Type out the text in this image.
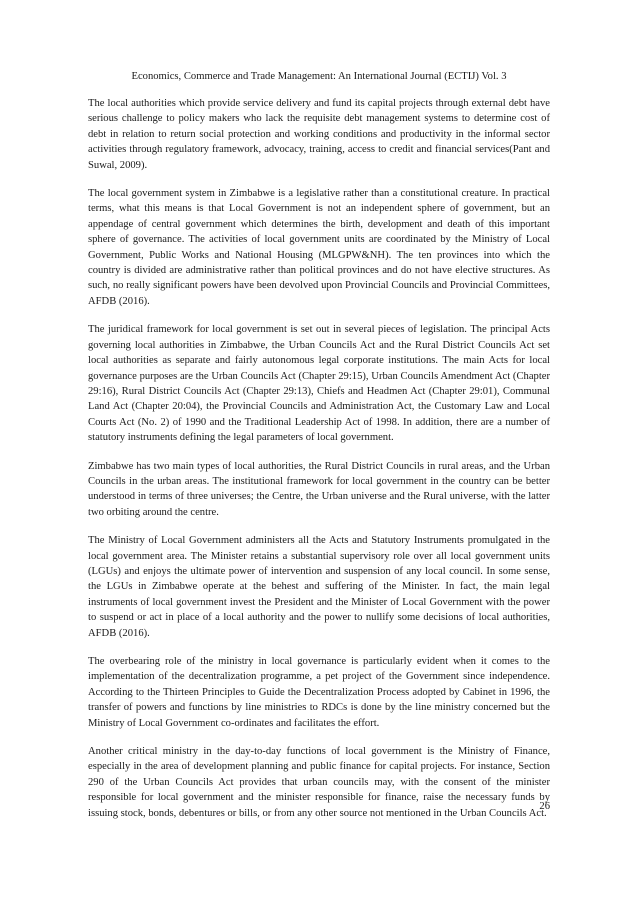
Economics, Commerce and Trade Management: An International Journal (ECTIJ) Vol. 3

The local authorities which provide service delivery and fund its capital projects through external debt have serious challenge to policy makers who lack the requisite debt management systems to determine cost of debt in relation to return social protection and working conditions and productivity in the informal sector activities through regulatory framework, advocacy, training, access to credit and financial services(Pant and Suwal, 2009).

The local government system in Zimbabwe is a legislative rather than a constitutional creature. In practical terms, what this means is that Local Government is not an independent sphere of government, but an appendage of central government which determines the birth, development and death of this important sphere of governance. The activities of local government units are coordinated by the Ministry of Local Government, Public Works and National Housing (MLGPW&NH). The ten provinces into which the country is divided are administrative rather than political provinces and do not have elective structures. As such, no really significant powers have been devolved upon Provincial Councils and Provincial Committees, AFDB (2016).

The juridical framework for local government is set out in several pieces of legislation. The principal Acts governing local authorities in Zimbabwe, the Urban Councils Act and the Rural District Councils Act set local authorities as separate and fairly autonomous legal corporate institutions. The main Acts for local governance purposes are the Urban Councils Act (Chapter 29:15), Urban Councils Amendment Act (Chapter 29:16), Rural District Councils Act (Chapter 29:13), Chiefs and Headmen Act (Chapter 29:01), Communal Land Act (Chapter 20:04), the Provincial Councils and Administration Act, the Customary Law and Local Courts Act (No. 2) of 1990 and the Traditional Leadership Act of 1998. In addition, there are a number of statutory instruments defining the legal parameters of local government.

Zimbabwe has two main types of local authorities, the Rural District Councils in rural areas, and the Urban Councils in the urban areas. The institutional framework for local government in the country can be better understood in terms of three universes; the Centre, the Urban universe and the Rural universe, with the latter two orbiting around the centre.

The Ministry of Local Government administers all the Acts and Statutory Instruments promulgated in the local government area. The Minister retains a substantial supervisory role over all local government units (LGUs) and enjoys the ultimate power of intervention and suspension of any local council. In some sense, the LGUs in Zimbabwe operate at the behest and suffering of the Minister. In fact, the main legal instruments of local government invest the President and the Minister of Local Government with the power to suspend or act in place of a local authority and the power to nullify some decisions of local authorities, AFDB (2016).

The overbearing role of the ministry in local governance is particularly evident when it comes to the implementation of the decentralization programme, a pet project of the Government since independence. According to the Thirteen Principles to Guide the Decentralization Process adopted by Cabinet in 1996, the transfer of powers and functions by line ministries to RDCs is done by the line ministry concerned but the Ministry of Local Government co-ordinates and facilitates the effort.

Another critical ministry in the day-to-day functions of local government is the Ministry of Finance, especially in the area of development planning and public finance for capital projects. For instance, Section 290 of the Urban Councils Act provides that urban councils may, with the consent of the minister responsible for local government and the minister responsible for finance, raise the necessary funds by issuing stock, bonds, debentures or bills, or from any other source not mentioned in the Urban Councils Act.

26
